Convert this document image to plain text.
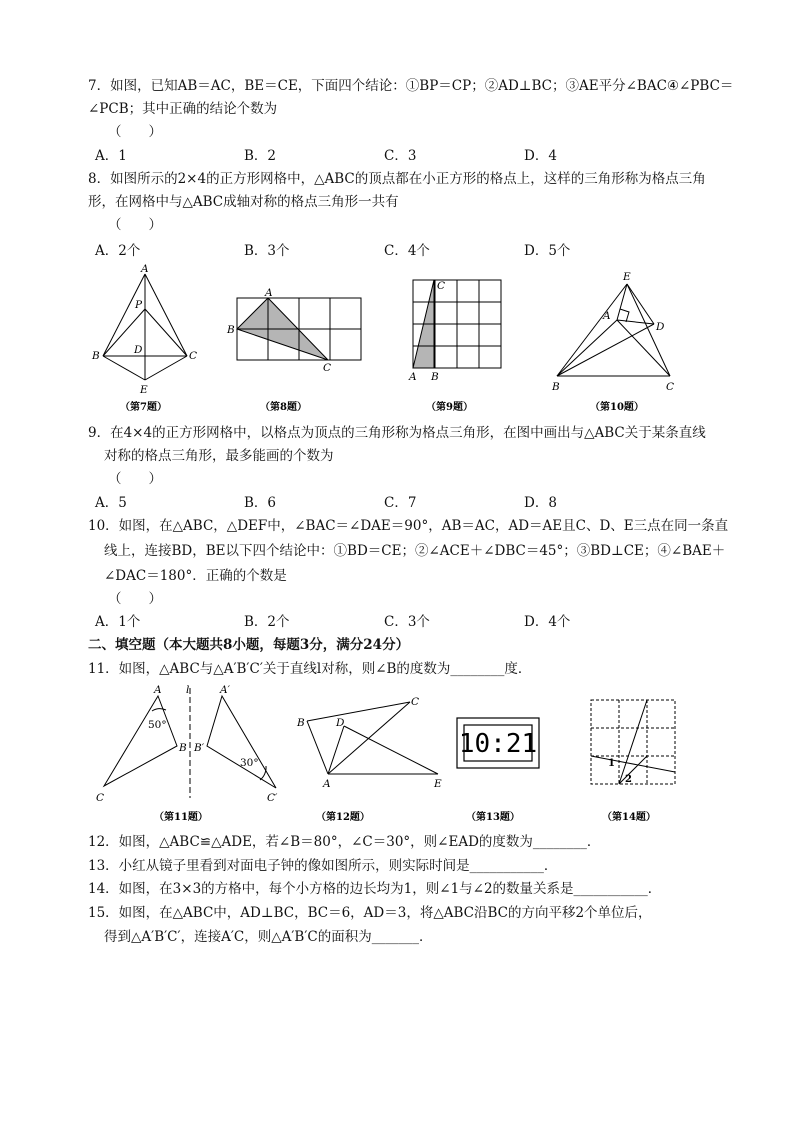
7．如图，已知AB＝AC，BE＝CE，下面四个结论：①BP＝CP；②AD⊥BC；③AE平分∠BAC④∠PBC＝
∠PCB；其中正确的结论个数为
（　　）
A．1	B．2	C．3	D．4
8．如图所示的2×4的正方形网格中，△ABC的顶点都在小正方形的格点上，这样的三角形称为格点三角
形，在网格中与△ABC成轴对称的格点三角形一共有
（　　）
A．2个	B．3个	C．4个	D．5个
A
P
B	D	C
E
（第7题）
A
B
C
（第8题）
C
A B
（第9题）
E
A
D
B	C
（第10题）
9．在4×4的正方形网格中，以格点为顶点的三角形称为格点三角形，在图中画出与△ABC关于某条直线
对称的格点三角形，最多能画的个数为
（　　）
A．5	B．6	C．7	D．8
10．如图，在△ABC，△DEF中，∠BAC＝∠DAE＝90°，AB＝AC，AD＝AE且C、D、E三点在同一条直
线上，连接BD，BE以下四个结论中：①BD＝CE；②∠ACE＋∠DBC＝45°；③BD⊥CE；④∠BAE＋
∠DAC＝180°．正确的个数是
（　　）
A．1个	B．2个	C．3个	D．4个
二、填空题（本大题共8小题，每题3分，满分24分）
11．如图，△ABC与△A′B′C′关于直线l对称，则∠B的度数为________度．
A
B
C
l	A′
B′
C′
50°
30°
（第11题）
B	D
C
A	E
（第12题）
10:21
（第13题）
1
2
（第14题）
12．如图，△ABC≌△ADE，若∠B＝80°，∠C＝30°，则∠EAD的度数为________．
13．小红从镜子里看到对面电子钟的像如图所示，则实际时间是___________．
14．如图，在3×3的方格中，每个小方格的边长均为1，则∠1与∠2的数量关系是___________．
15．如图，在△ABC中，AD⊥BC，BC＝6，AD＝3，将△ABC沿BC的方向平移2个单位后，
得到△A′B′C′，连接A′C，则△A′B′C的面积为_______．
